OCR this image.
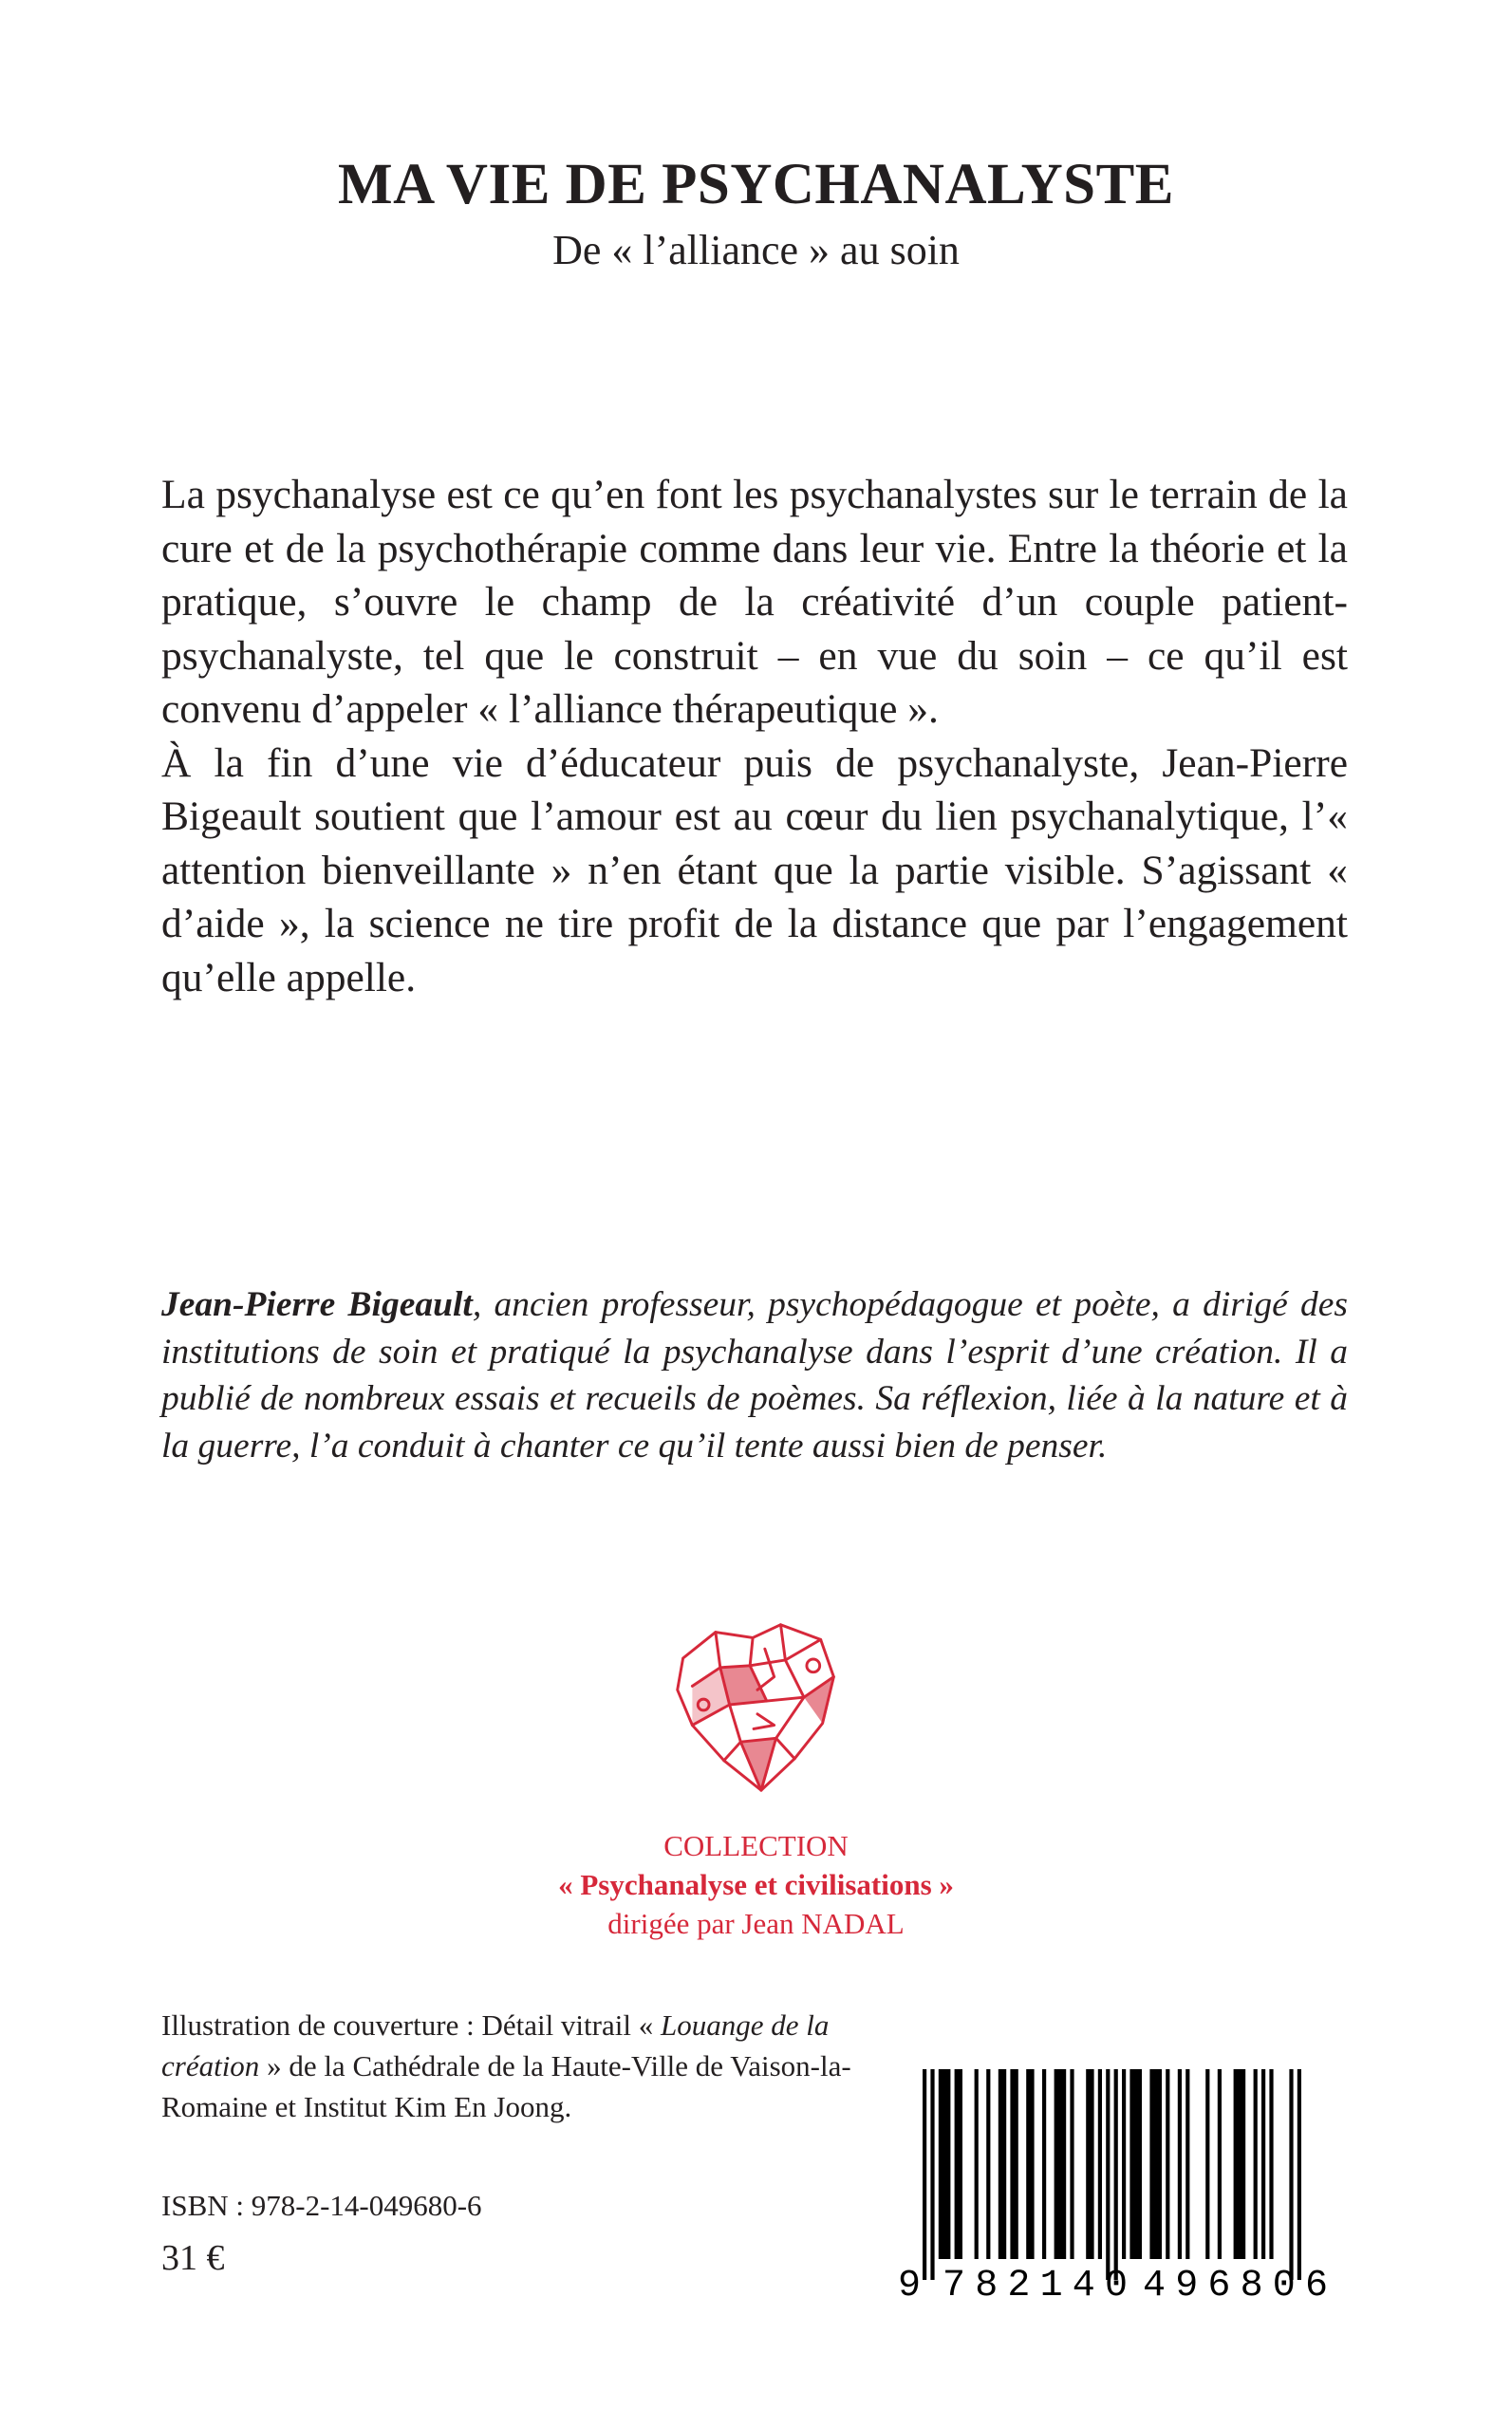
MA VIE DE PSYCHANALYSTE
De « l’alliance » au soin

La psychanalyse est ce qu’en font les psychanalystes sur le terrain de la cure et de la psychothérapie comme dans leur vie. Entre la théorie et la pratique, s’ouvre le champ de la créativité d’un couple patient-psychanalyste, tel que le construit – en vue du soin – ce qu’il est convenu d’appeler « l’alliance thérapeutique ».

À la fin d’une vie d’éducateur puis de psychanalyste, Jean-Pierre Bigeault soutient que l’amour est au cœur du lien psychanalytique, l’« attention bienveillante » n’en étant que la partie visible. S’agissant « d’aide », la science ne tire profit de la distance que par l’engagement qu’elle appelle.

Jean-Pierre Bigeault, ancien professeur, psychopédagogue et poète, a dirigé des institutions de soin et pratiqué la psychanalyse dans l’esprit d’une création. Il a publié de nombreux essais et recueils de poèmes. Sa réflexion, liée à la nature et à la guerre, l’a conduit à chanter ce qu’il tente aussi bien de penser.

COLLECTION
« Psychanalyse et civilisations »
dirigée par Jean NADAL
Illustration de couverture : Détail vitrail « Louange de la création » de la Cathédrale de la Haute-Ville de Vaison-la-Romaine et Institut Kim En Joong.
ISBN : 978-2-14-049680-6
31 €
9 782140 496806
